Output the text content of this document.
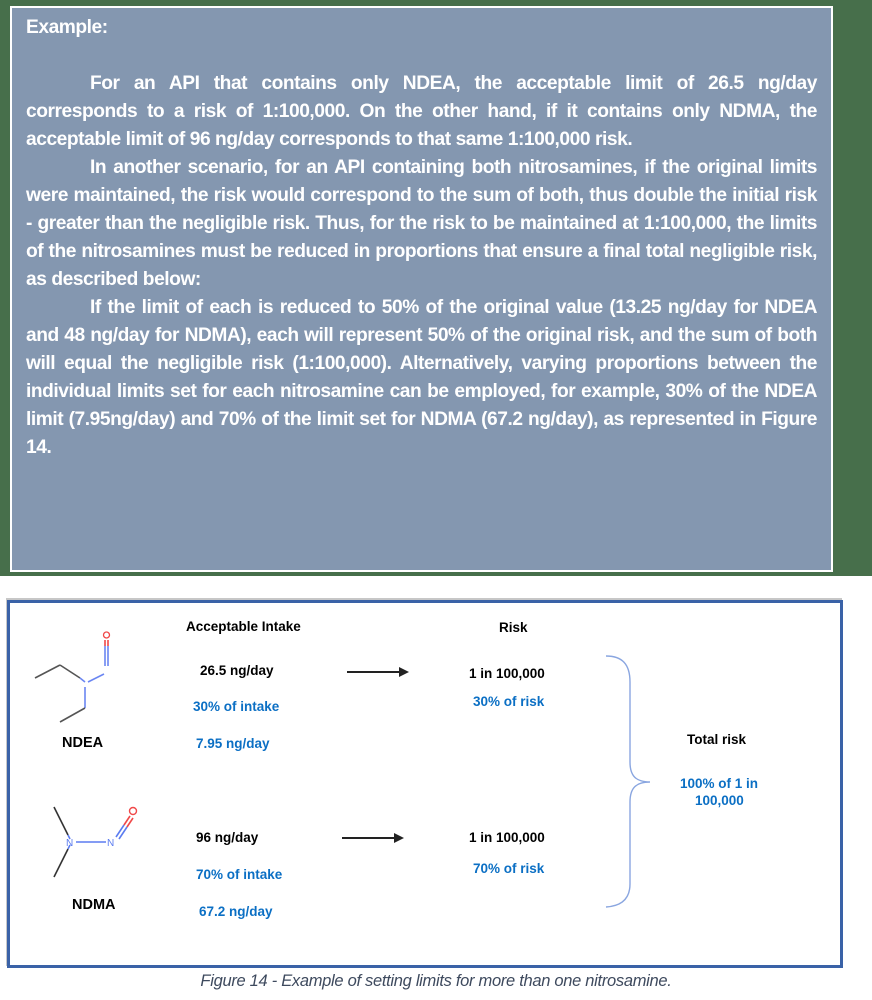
Example:

For an API that contains only NDEA, the acceptable limit of 26.5 ng/day corresponds to a risk of 1:100,000. On the other hand, if it contains only NDMA, the acceptable limit of 96 ng/day corresponds to that same 1:100,000 risk.

In another scenario, for an API containing both nitrosamines, if the original limits were maintained, the risk would correspond to the sum of both, thus double the initial risk - greater than the negligible risk. Thus, for the risk to be maintained at 1:100,000, the limits of the nitrosamines must be reduced in proportions that ensure a final total negligible risk, as described below:

If the limit of each is reduced to 50% of the original value (13.25 ng/day for NDEA and 48 ng/day for NDMA), each will represent 50% of the original risk, and the sum of both will equal the negligible risk (1:100,000). Alternatively, varying proportions between the individual limits set for each nitrosamine can be employed, for example, 30% of the NDEA limit (7.95ng/day) and 70% of the limit set for NDMA (67.2 ng/day), as represented in Figure 14.

NDEA
N	N
NDMA
Acceptable Intake	Risk
26.5 ng/day	1 in 100,000
30% of intake	30% of risk
7.95 ng/day
96 ng/day	1 in 100,000
70% of intake	70% of risk
67.2 ng/day
Total risk
100% of 1 in
100,000
Figure 14 - Example of setting limits for more than one nitrosamine.
